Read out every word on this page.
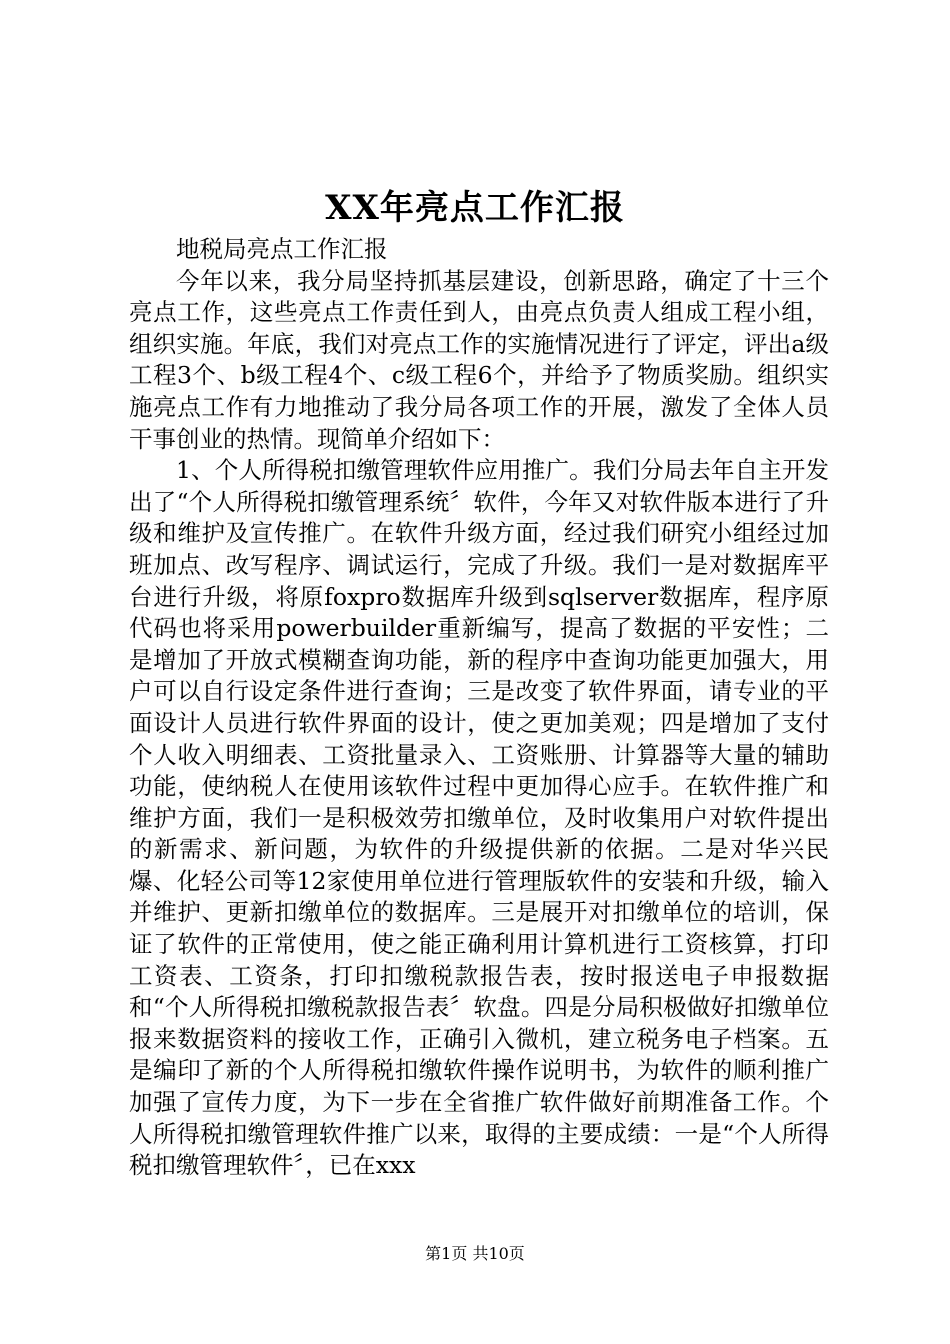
XX年亮点工作汇报

地税局亮点工作汇报

今年以来，我分局坚持抓基层建设，创新思路，确定了十三个亮点工作，这些亮点工作责任到人，由亮点负责人组成工程小组，组织实施。年底，我们对亮点工作的实施情况进行了评定，评出a级工程3个、b级工程4个、c级工程6个，并给予了物质奖励。组织实施亮点工作有力地推动了我分局各项工作的开展，激发了全体人员干事创业的热情。现简单介绍如下：

1、个人所得税扣缴管理软件应用推广。我们分局去年自主开发出了“个人所得税扣缴管理系统〞软件，今年又对软件版本进行了升级和维护及宣传推广。在软件升级方面，经过我们研究小组经过加班加点、改写程序、调试运行，完成了升级。我们一是对数据库平台进行升级，将原foxpro数据库升级到sqlserver数据库，程序原代码也将采用powerbuilder重新编写，提高了数据的平安性；二是增加了开放式模糊查询功能，新的程序中查询功能更加强大，用户可以自行设定条件进行查询；三是改变了软件界面，请专业的平面设计人员进行软件界面的设计，使之更加美观；四是增加了支付个人收入明细表、工资批量录入、工资账册、计算器等大量的辅助功能，使纳税人在使用该软件过程中更加得心应手。在软件推广和维护方面，我们一是积极效劳扣缴单位，及时收集用户对软件提出的新需求、新问题，为软件的升级提供新的依据。二是对华兴民爆、化轻公司等12家使用单位进行管理版软件的安装和升级，输入并维护、更新扣缴单位的数据库。三是展开对扣缴单位的培训，保证了软件的正常使用，使之能正确利用计算机进行工资核算，打印工资表、工资条，打印扣缴税款报告表，按时报送电子申报数据和“个人所得税扣缴税款报告表〞软盘。四是分局积极做好扣缴单位报来数据资料的接收工作，正确引入微机，建立税务电子档案。五是编印了新的个人所得税扣缴软件操作说明书，为软件的顺利推广加强了宣传力度，为下一步在全省推广软件做好前期准备工作。个人所得税扣缴管理软件推广以来，取得的主要成绩：一是“个人所得税扣缴管理软件〞，已在xxx

第1页 共10页
